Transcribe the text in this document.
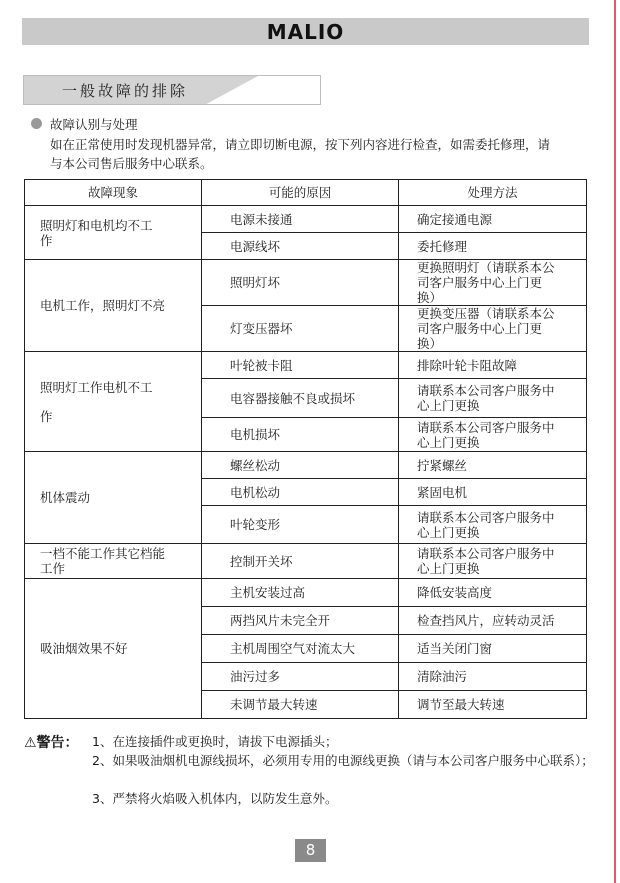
MALIO
一般故障的排除
故障认别与处理
如在正常使用时发现机器异常，请立即切断电源，按下列内容进行检查，如需委托修理，请与本公司售后服务中心联系。
故障现象	可能的原因	处理方法
照明灯和电机均不工作	电源未接通	确定接通电源
	电源线坏	委托修理
电机工作，照明灯不亮	照明灯坏	更换照明灯（请联系本公司客户服务中心上门更换）
	灯变压器坏	更换变压器（请联系本公司客户服务中心上门更换）
照明灯工作电机不工作	叶轮被卡阻	排除叶轮卡阻故障
	电容器接触不良或损坏	请联系本公司客户服务中心上门更换
	电机损坏	请联系本公司客户服务中心上门更换
机体震动	螺丝松动	拧紧螺丝
	电机松动	紧固电机
	叶轮变形	请联系本公司客户服务中心上门更换
一档不能工作其它档能工作	控制开关坏	请联系本公司客户服务中心上门更换
吸油烟效果不好	主机安装过高	降低安装高度
	两挡风片未完全开	检查挡风片，应转动灵活
	主机周围空气对流太大	适当关闭门窗
	油污过多	清除油污
	未调节最大转速	调节至最大转速
⚠警告： 1、在连接插件或更换时，请拔下电源插头；
2、如果吸油烟机电源线损坏，必须用专用的电源线更换（请与本公司客户服务中心联系）；
3、严禁将火焰吸入机体内，以防发生意外。
8
